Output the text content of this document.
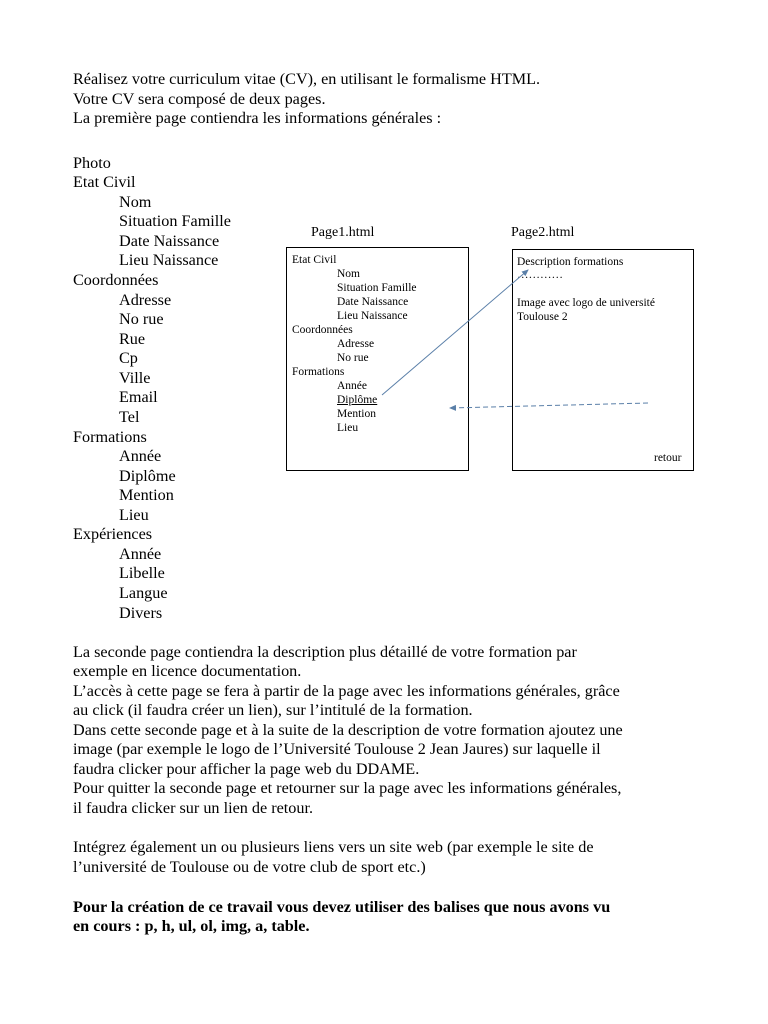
Réalisez votre curriculum vitae (CV), en utilisant le formalisme HTML.
Votre CV sera composé de deux pages.
La première page contiendra les informations générales :
Photo
Etat Civil
Nom
Situation Famille
Date Naissance
Lieu Naissance
Coordonnées
Adresse
No rue
Rue
Cp
Ville
Email
Tel
Formations
Année
Diplôme
Mention
Lieu
Expériences
Année
Libelle
Langue
Divers
Page1.html	Page2.html
Etat Civil
Nom
Situation Famille
Date Naissance
Lieu Naissance
Coordonnées
Adresse
No rue
Formations
Année
Diplôme
Mention
Lieu
Description formations
…………
Image avec logo de université
Toulouse 2
retour
La seconde page contiendra la description plus détaillé de votre formation par
exemple en licence documentation.
L’accès à cette page se fera à partir de la page avec les informations générales, grâce
au click (il faudra créer un lien), sur l’intitulé de la formation.
Dans cette seconde page et à la suite de la description de votre formation ajoutez une
image (par exemple le logo de l’Université Toulouse 2 Jean Jaures) sur laquelle il
faudra clicker pour afficher la page web du DDAME.
Pour quitter la seconde page et retourner sur la page avec les informations générales,
il faudra clicker sur un lien de retour.
Intégrez également un ou plusieurs liens vers un site web (par exemple le site de
l’université de Toulouse ou de votre club de sport etc.)
Pour la création de ce travail vous devez utiliser des balises que nous avons vu
en cours : p, h, ul, ol, img, a, table.
